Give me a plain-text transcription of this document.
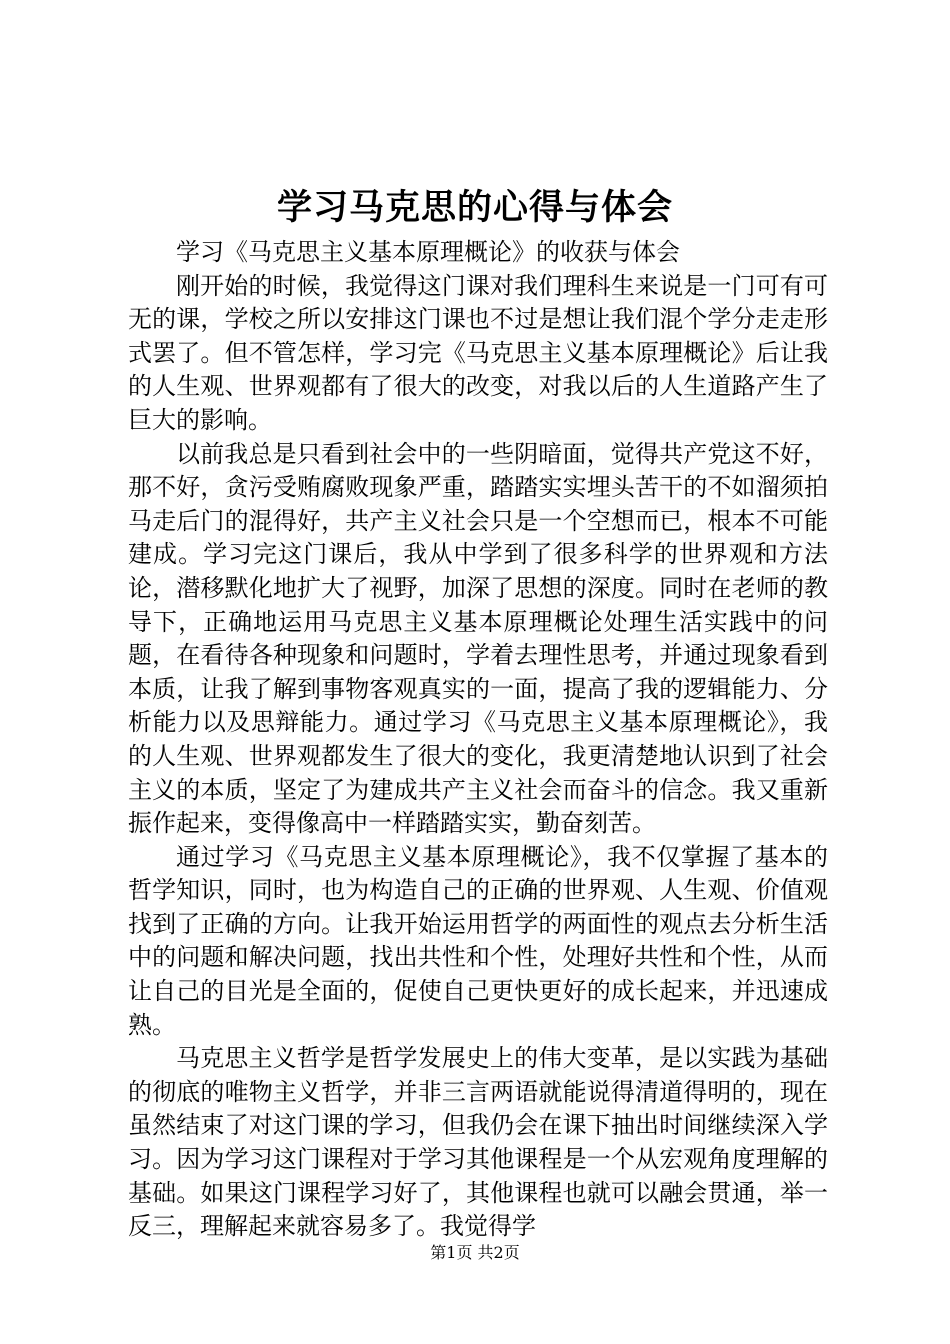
学习马克思的心得与体会

学习《马克思主义基本原理概论》的收获与体会

刚开始的时候，我觉得这门课对我们理科生来说是一门可有可无的课，学校之所以安排这门课也不过是想让我们混个学分走走形式罢了。但不管怎样，学习完《马克思主义基本原理概论》后让我的人生观、世界观都有了很大的改变，对我以后的人生道路产生了巨大的影响。

以前我总是只看到社会中的一些阴暗面，觉得共产党这不好，那不好，贪污受贿腐败现象严重，踏踏实实埋头苦干的不如溜须拍马走后门的混得好，共产主义社会只是一个空想而已，根本不可能建成。学习完这门课后，我从中学到了很多科学的世界观和方法论，潜移默化地扩大了视野，加深了思想的深度。同时在老师的教导下，正确地运用马克思主义基本原理概论处理生活实践中的问题，在看待各种现象和问题时，学着去理性思考，并通过现象看到本质，让我了解到事物客观真实的一面，提高了我的逻辑能力、分析能力以及思辩能力。通过学习《马克思主义基本原理概论》，我的人生观、世界观都发生了很大的变化，我更清楚地认识到了社会主义的本质，坚定了为建成共产主义社会而奋斗的信念。我又重新振作起来，变得像高中一样踏踏实实，勤奋刻苦。

通过学习《马克思主义基本原理概论》，我不仅掌握了基本的哲学知识，同时，也为构造自己的正确的世界观、人生观、价值观找到了正确的方向。让我开始运用哲学的两面性的观点去分析生活中的问题和解决问题，找出共性和个性，处理好共性和个性，从而让自己的目光是全面的，促使自己更快更好的成长起来，并迅速成熟。

马克思主义哲学是哲学发展史上的伟大变革，是以实践为基础的彻底的唯物主义哲学，并非三言两语就能说得清道得明的，现在虽然结束了对这门课的学习，但我仍会在课下抽出时间继续深入学习。因为学习这门课程对于学习其他课程是一个从宏观角度理解的基础。如果这门课程学习好了，其他课程也就可以融会贯通，举一反三，理解起来就容易多了。我觉得学

第1页 共2页
